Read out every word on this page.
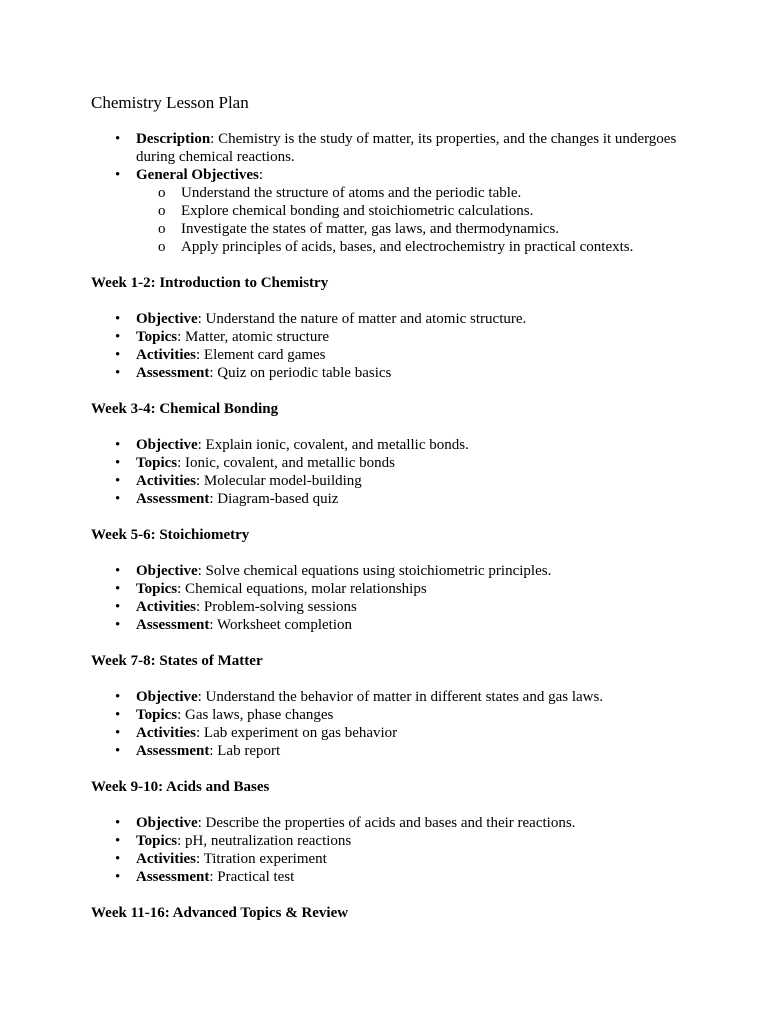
Chemistry Lesson Plan
• Description: Chemistry is the study of matter, its properties, and the changes it undergoes during chemical reactions.
• General Objectives:
o Understand the structure of atoms and the periodic table.
o Explore chemical bonding and stoichiometric calculations.
o Investigate the states of matter, gas laws, and thermodynamics.
o Apply principles of acids, bases, and electrochemistry in practical contexts.
Week 1-2: Introduction to Chemistry
• Objective: Understand the nature of matter and atomic structure.
• Topics: Matter, atomic structure
• Activities: Element card games
• Assessment: Quiz on periodic table basics
Week 3-4: Chemical Bonding
• Objective: Explain ionic, covalent, and metallic bonds.
• Topics: Ionic, covalent, and metallic bonds
• Activities: Molecular model-building
• Assessment: Diagram-based quiz
Week 5-6: Stoichiometry
• Objective: Solve chemical equations using stoichiometric principles.
• Topics: Chemical equations, molar relationships
• Activities: Problem-solving sessions
• Assessment: Worksheet completion
Week 7-8: States of Matter
• Objective: Understand the behavior of matter in different states and gas laws.
• Topics: Gas laws, phase changes
• Activities: Lab experiment on gas behavior
• Assessment: Lab report
Week 9-10: Acids and Bases
• Objective: Describe the properties of acids and bases and their reactions.
• Topics: pH, neutralization reactions
• Activities: Titration experiment
• Assessment: Practical test
Week 11-16: Advanced Topics & Review
